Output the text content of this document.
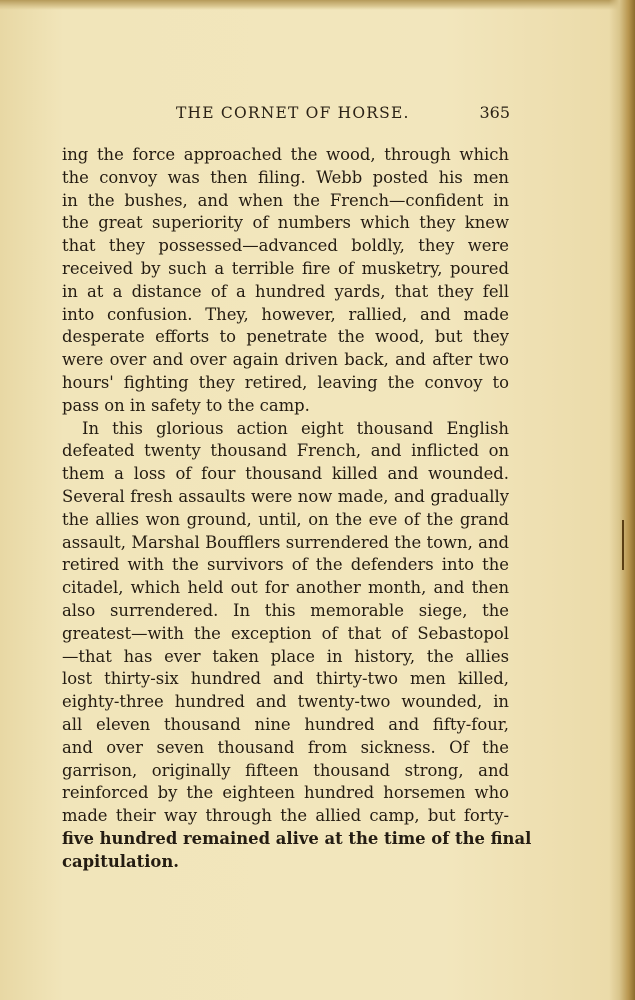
THE CORNET OF HORSE.	365
ing the force approached the wood, through which
the convoy was then filing. Webb posted his men
in the bushes, and when the French—confident in
the great superiority of numbers which they knew
that they possessed—advanced boldly, they were
received by such a terrible fire of musketry, poured
in at a distance of a hundred yards, that they fell
into confusion. They, however, rallied, and made
desperate efforts to penetrate the wood, but they
were over and over again driven back, and after two
hours' fighting they retired, leaving the convoy to
pass on in safety to the camp.
In this glorious action eight thousand English
defeated twenty thousand French, and inflicted on
them a loss of four thousand killed and wounded.
Several fresh assaults were now made, and gradually
the allies won ground, until, on the eve of the grand
assault, Marshal Boufflers surrendered the town, and
retired with the survivors of the defenders into the
citadel, which held out for another month, and then
also surrendered. In this memorable siege, the
greatest—with the exception of that of Sebastopol
—that has ever taken place in history, the allies
lost thirty-six hundred and thirty-two men killed,
eighty-three hundred and twenty-two wounded, in
all eleven thousand nine hundred and fifty-four,
and over seven thousand from sickness. Of the
garrison, originally fifteen thousand strong, and
reinforced by the eighteen hundred horsemen who
made their way through the allied camp, but forty-
five hundred remained alive at the time of the final
capitulation.
